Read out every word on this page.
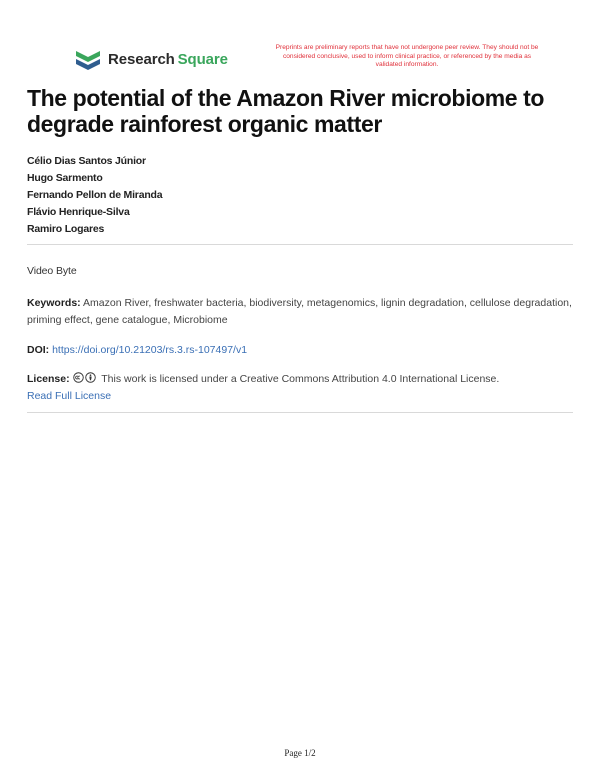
Research  Square
Preprints are preliminary reports that have not undergone peer review. They should not be considered conclusive, used to inform clinical practice, or referenced by the media as validated information.
The potential of the Amazon River microbiome to degrade rainforest organic matter
Célio Dias Santos Júnior
Hugo Sarmento
Fernando Pellon de Miranda
Flávio Henrique-Silva
Ramiro Logares
Video Byte
Keywords: Amazon River, freshwater bacteria, biodiversity, metagenomics, lignin degradation, cellulose degradation, priming effect, gene catalogue, Microbiome
DOI: https://doi.org/10.21203/rs.3.rs-107497/v1
License:	This work is licensed under a Creative Commons Attribution 4.0 International License.
Read Full License
Page 1/2
